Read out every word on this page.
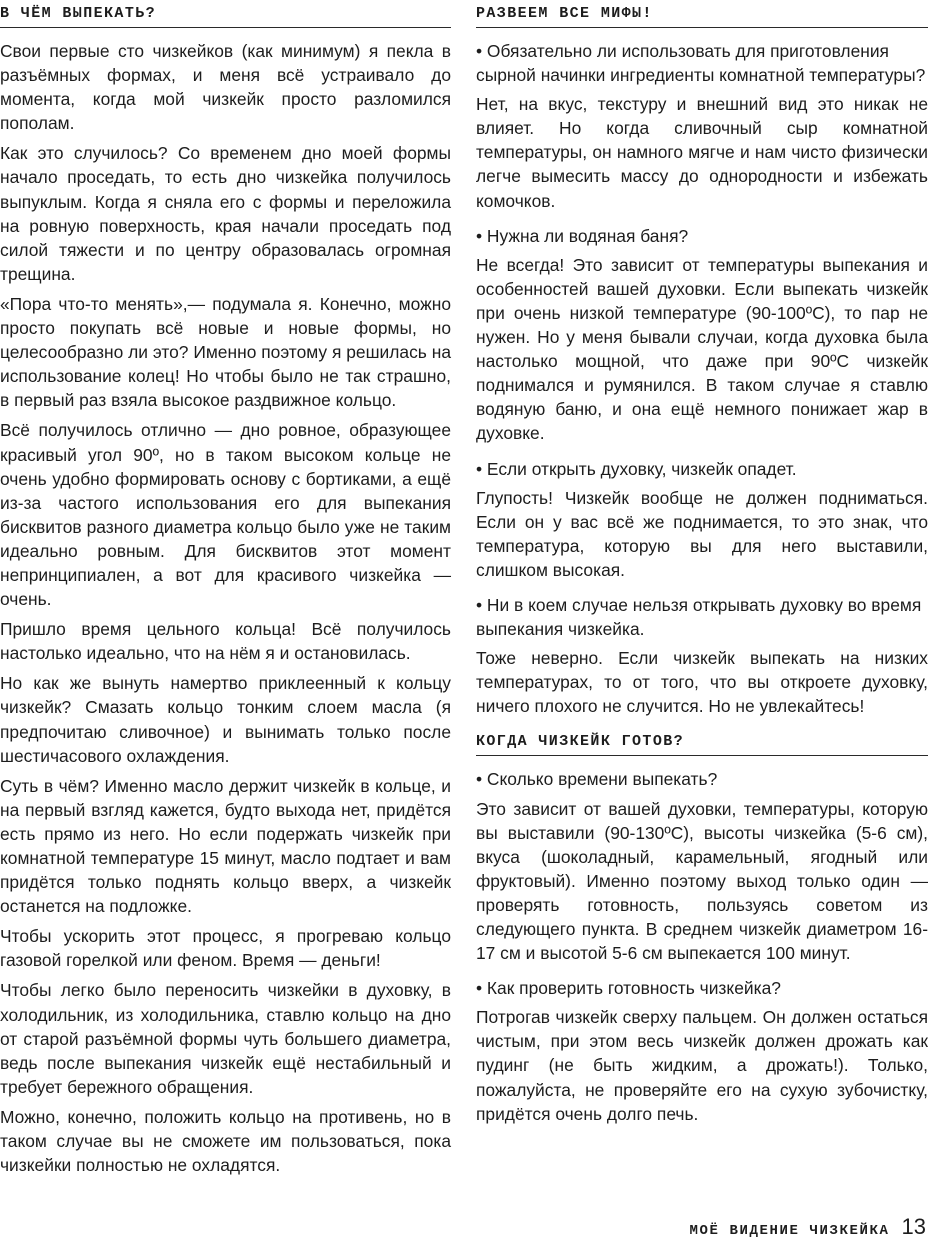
В ЧЁМ ВЫПЕКАТЬ?

Свои первые сто чизкейков (как минимум) я пекла в разъёмных формах, и меня всё устраивало до момента, когда мой чизкейк просто разломился пополам.

Как это случилось? Со временем дно моей формы начало проседать, то есть дно чизкейка получилось выпуклым. Когда я сняла его с формы и переложила на ровную поверхность, края начали проседать под силой тяжести и по центру образовалась огромная трещина.

«Пора что-то менять»,— подумала я. Конечно, можно просто покупать всё новые и новые формы, но целесообразно ли это? Именно поэтому я решилась на использование колец! Но чтобы было не так страшно, в первый раз взяла высокое раздвижное кольцо.

Всё получилось отлично — дно ровное, образующее красивый угол 90º, но в таком высоком кольце не очень удобно формировать основу с бортиками, а ещё из-за частого использования его для выпекания бисквитов разного диаметра кольцо было уже не таким идеально ровным. Для бисквитов этот момент непринципиален, а вот для красивого чизкейка — очень.

Пришло время цельного кольца! Всё получилось настолько идеально, что на нём я и остановилась.

Но как же вынуть намертво приклеенный к кольцу чизкейк? Смазать кольцо тонким слоем масла (я предпочитаю сливочное) и вынимать только после шестичасового охлаждения.

Суть в чём? Именно масло держит чизкейк в кольце, и на первый взгляд кажется, будто выхода нет, придётся есть прямо из него. Но если подержать чизкейк при комнатной температуре 15 минут, масло подтает и вам придётся только поднять кольцо вверх, а чизкейк останется на подложке.

Чтобы ускорить этот процесс, я прогреваю кольцо газовой горелкой или феном. Время — деньги!

Чтобы легко было переносить чизкейки в духовку, в холодильник, из холодильника, ставлю кольцо на дно от старой разъёмной формы чуть большего диаметра, ведь после выпекания чизкейк ещё нестабильный и требует бережного обращения.

Можно, конечно, положить кольцо на противень, но в таком случае вы не сможете им пользоваться, пока чизкейки полностью не охладятся.

РАЗВЕЕМ ВСЕ МИФЫ!

• Обязательно ли использовать для приготовления сырной начинки ингредиенты комнатной температуры?

Нет, на вкус, текстуру и внешний вид это никак не влияет. Но когда сливочный сыр комнатной температуры, он намного мягче и нам чисто физически легче вымесить массу до однородности и избежать комочков.

• Нужна ли водяная баня?

Не всегда! Это зависит от температуры выпекания и особенностей вашей духовки. Если выпекать чизкейк при очень низкой температуре (90-100ºC), то пар не нужен. Но у меня бывали случаи, когда духовка была настолько мощной, что даже при 90ºC чизкейк поднимался и румянился. В таком случае я ставлю водяную баню, и она ещё немного понижает жар в духовке.

• Если открыть духовку, чизкейк опадет.

Глупость! Чизкейк вообще не должен подниматься. Если он у вас всё же поднимается, то это знак, что температура, которую вы для него выставили, слишком высокая.

• Ни в коем случае нельзя открывать духовку во время выпекания чизкейка.

Тоже неверно. Если чизкейк выпекать на низких температурах, то от того, что вы откроете духовку, ничего плохого не случится. Но не увлекайтесь!

КОГДА ЧИЗКЕЙК ГОТОВ?

• Сколько времени выпекать?

Это зависит от вашей духовки, температуры, которую вы выставили (90-130ºC), высоты чизкейка (5-6 см), вкуса (шоколадный, карамельный, ягодный или фруктовый). Именно поэтому выход только один — проверять готовность, пользуясь советом из следующего пункта. В среднем чизкейк диаметром 16-17 см и высотой 5-6 см выпекается 100 минут.

• Как проверить готовность чизкейка?

Потрогав чизкейк сверху пальцем. Он должен остаться чистым, при этом весь чизкейк должен дрожать как пудинг (не быть жидким, а дрожать!). Только, пожалуйста, не проверяйте его на сухую зубочистку, придётся очень долго печь.

МОЁ ВИДЕНИЕ ЧИЗКЕЙКА 13
